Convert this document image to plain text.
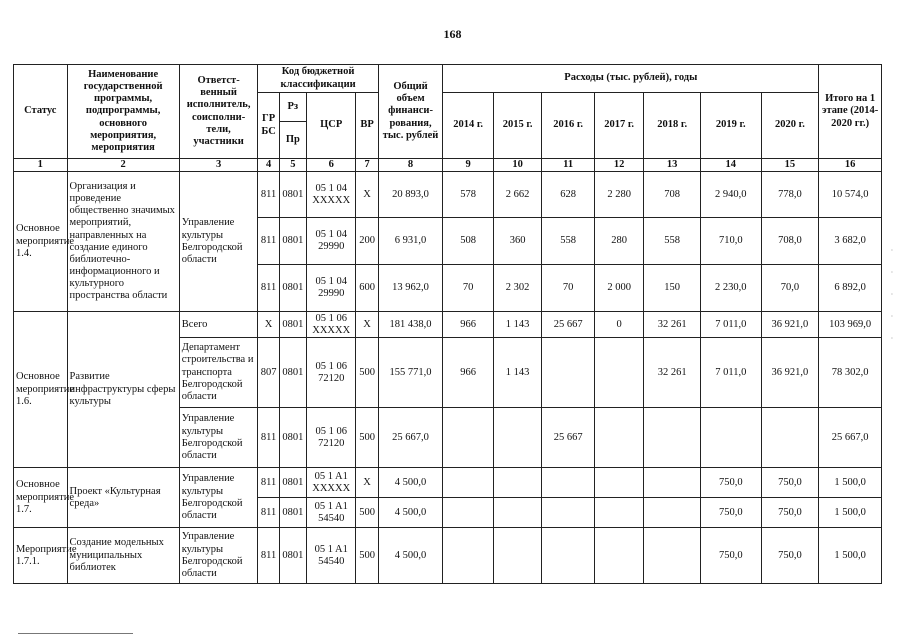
168
Статус	Наименование государственной программы, подпрограммы, основного мероприятия, мероприятия	Ответст-венный исполнитель, соисполни-тели, участники	Код бюджетной классификации				Общий объем финанси-рования, тыс. рублей	Расходы (тыс. рублей), годы							Итого на 1 этапе (2014-2020 гг.)
			ГР БС	Рз	ЦСР	ВР		2014 г.	2015 г.	2016 г.	2017 г.	2018 г.	2019 г.	2020 г.	
				Пр											
1	2	3	4	5	6	7	8	9	10	11	12	13	14	15	16
Основное мероприятие 1.4.	Организация и проведение общественно значимых мероприятий, направленных на создание единого библиотечно-информационного и культурного пространства области	Управление культуры Белгородской области	811	0801	05 1 04 XXXXX	X	20 893,0	578	2 662	628	2 280	708	2 940,0	778,0	10 574,0
			811	0801	05 1 04 29990	200	6 931,0	508	360	558	280	558	710,0	708,0	3 682,0
			811	0801	05 1 04 29990	600	13 962,0	70	2 302	70	2 000	150	2 230,0	70,0	6 892,0
Основное мероприятие 1.6.	Развитие инфраструктуры сферы культуры	Всего	X	0801	05 1 06 XXXXX	X	181 438,0	966	1 143	25 667	0	32 261	7 011,0	36 921,0	103 969,0
		Департамент строительства и транспорта Белгородской области	807	0801	05 1 06 72120	500	155 771,0	966	1 143			32 261	7 011,0	36 921,0	78 302,0
		Управление культуры Белгородской области	811	0801	05 1 06 72120	500	25 667,0			25 667					25 667,0
Основное мероприятие 1.7.	Проект «Культурная среда»	Управление культуры Белгородской области	811	0801	05 1 A1 XXXXX	X	4 500,0						750,0	750,0	1 500,0
			811	0801	05 1 A1 54540	500	4 500,0						750,0	750,0	1 500,0
Мероприятие 1.7.1.	Создание модельных муниципальных библиотек	Управление культуры Белгородской области	811	0801	05 1 A1 54540	500	4 500,0						750,0	750,0	1 500,0
·
·
·
·
·
